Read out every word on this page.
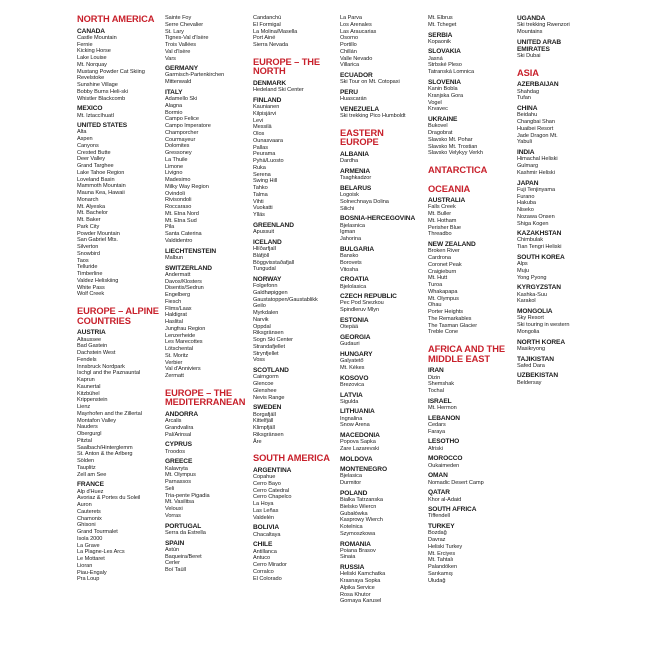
NORTH AMERICA
CANADA
Castle Mountain
Fernie
Kicking Horse
Lake Louise
Mt. Norquay
Mustang Powder Cat Skiing
Revelstoke
Sunshine Village
Bobby Burns Heli-ski
Whistler Blackcomb
MEXICO
Mt. Iztaccíhuatl
UNITED STATES
Alta
Aspen
Canyons
Crested Butte
Deer Valley
Grand Targhee
Lake Tahoe Region
Loveland Basin
Mammoth Mountain
Mauna Kea, Hawaii
Monarch
Mt. Alyeska
Mt. Bachelor
Mt. Baker
Park City
Powder Mountain
San Gabriel Mts.
Silverton
Snowbird
Taos
Telluride
Timberline
Valdez Heliskiing
White Pass
Wolf Creek
EUROPE – ALPINE COUNTRIES
AUSTRIA
Altaussee
Bad Gastein
Dachstein West
Fendels
Innsbruck Nordpark
Ischgl and the Paznauntal
Kaprun
Kaunertal
Kitzbühel
Krippenstein
Lienz
Mayrhofen and the Zillertal
Montafon Valley
Nauders
Obergurgl
Pitztal
Saalbach/Hinterglemm
St. Anton & the Arlberg
Sölden
Tauplitz
Zell am See
FRANCE
Alp d'Huez
Avoriaz & Portes du Soleil
Auron
Cauterets
Chamonix
Ghisoni
Grand Tourmalet
Isola 2000
La Grave
La Plagne-Les Arcs
Le Mottaret
Lioran
Piau-Engaly
Pra Loup
Sainte Foy
Serre Chevalier
St. Lary
Tignes-Val d'Isère
Trois Vallées
Val d'Isère
Vars
GERMANY
Garmisch-Partenkirchen
Mittenwald
ITALY
Adamello Ski
Alagna
Bormio
Campo Felice
Campo Imperatore
Champorcher
Courmayeur
Dolomites
Gressoney
La Thuile
Limone
Livigno
Madesimo
Milky Way Region
Ovindoli
Rivisondoli
Roccaraso
Mt. Etna Nord
Mt. Etna Sud
Pila
Santa Caterina
Valdidentro
LIECHTENSTEIN
Malbun
SWITZERLAND
Andermatt
Davos/Klosters
Disentis/Sedrun
Engelberg
Fiesch
Flims/Laax
Haldigrat
Haslital
Jungfrau Region
Lenzerheide
Les Marecottes
Lötschental
St. Moritz
Verbier
Val d'Anniviers
Zermatt
EUROPE – THE MEDITERRANEAN
ANDORRA
Arcalis
Grandvalira
Pal/Arinsal
CYPRUS
Troodos
GREECE
Kalavryta
Mt. Olympus
Parnassos
Seli
Tria-pente Pigadia
Mt. Vasilitsa
Velouxi
Vorras
PORTUGAL
Serra da Estrella
SPAIN
Astún
Baqueira/Beret
Cerler
Boí Taüll
Candanchú
El Formigal
La Molina/Masella
Port Ainé
Sierra Nevada
EUROPE – THE NORTH
DENMARK
Hedeland Ski Center
FINLAND
Kaunianen
Kilpisjärvi
Levi
Messilä
Olos
Ounasvaara
Pallas
Peurama
Pyhä/Luosto
Ruka
Serena
Swing Hill
Tahko
Talma
Vihti
Vuokatti
Ylläs
GREENLAND
Apussuit
ICELAND
Hlíðarfjall
Bláfjöll
Böggvisstaðafjall
Tungudal
NORWAY
Folgefonn
Galdhøpiggen
Gaustatoppen/Gaustablikk
Geilo
Myrkdalen
Narvik
Oppdal
Riksgränsen
Sogn Ski Center
Strandafjellet
Strynfjellet
Voss
SCOTLAND
Cairngorm
Glencoe
Glenshee
Nevis Range
SWEDEN
Borgafjäll
Kittelfjäll
Klimpfjäll
Riksgränsen
Åre
SOUTH AMERICA
ARGENTINA
Copahue
Cerro Bayo
Cerro Catedral
Cerro Chapelco
La Hoya
Las Leñas
Valdelén
BOLIVIA
Chacaltaya
CHILE
Antillanca
Antuco
Cerro Mirador
Corralco
El Colorado
La Parva
Los Arenales
Las Araucarias
Osorno
Portillo
Chillán
Valle Nevado
Villarica
ECUADOR
Ski Tour on Mt. Cotopaxi
PERU
Huascarán
VENEZUELA
Ski trekking Pico Humboldt
EASTERN EUROPE
ALBANIA
Dardha
ARMENIA
Tsaghkadzor
BELARUS
Logoisk
Solnechnaya Dolina
Silichi
BOSNIA-HERCEGOVINA
Bjelasnica
Igman
Jahorina
BULGARIA
Bansko
Borovets
Vitosha
CROATIA
Bjelolasica
CZECH REPUBLIC
Pec Pod Snezkou
Spindleruv Mlyn
ESTONIA
Otepää
GEORGIA
Gudauri
HUNGARY
Galyatető
Mt. Kékes
KOSOVO
Brezovica
LATVIA
Sigulda
LITHUANIA
Ingnalina
Snow Arena
MACEDONIA
Popova Sapka
Zare Lazarevski
MOLDOVA
MONTENEGRO
Bjelasica
Durmitor
POLAND
Bialka Tatrzanska
Bielsko Wiercn
Gubałówka
Kasprowy Wierch
Kotelnica
Szymoszkowa
ROMANIA
Poiana Brasov
Sinaia
RUSSIA
Heliski Kamchatka
Krasnaya Sopka
Alpika Service
Rosa Khutor
Gornaya Karusel
Mt. Elbrus
Mt. Tcheget
SERBIA
Kopaonik
SLOVAKIA
Jasná
Strbské Pleso
Tatranská Lomnica
SLOVENIA
Kanin Bobla
Kranjska Gora
Vogel
Krvavec
UKRAINE
Bukovel
Dragobrat
Slavsko Mt. Pohar
Slavsko Mt. Trostian
Slavsko Velykyy Verkh
ANTARCTICA
OCEANIA
AUSTRALIA
Falls Creek
Mt. Buller
Mt. Hotham
Perisher Blue
Threadbo
NEW ZEALAND
Broken River
Cardrona
Coronet Peak
Craigieburn
Mt. Hutt
Turoa
Whakapapa
Mt. Olympus
Ohau
Porter Heights
The Remarkables
The Tasman Glacier
Treble Cone
AFRICA AND THE MIDDLE EAST
IRAN
Dizin
Shemshak
Tochal
ISRAEL
Mt. Hermon
LEBANON
Cedars
Faraya
LESOTHO
Afriski
MOROCCO
Oukaimeden
OMAN
Nomadic Desert Camp
QATAR
Khor al-Adaid
SOUTH AFRICA
Tiffendell
TURKEY
Bozdağ
Davraz
Heliski Turkey
Mt. Erciyes
Mt. Tahtalı
Palandöken
Sarıkamış
Uludağ
UGANDA
Ski trekking Rwenzori
Mountains
UNITED ARAB
EMIRATES
Ski Dubai
ASIA
AZERBAIJAN
Shahdag
Tufan
CHINA
Beidahu
Changbai Shan
Huaibei Resort
Jade Dragon Mt.
Yabuli
INDIA
Himachal Heliski
Gulmarg
Kashmir Heliski
JAPAN
Fuji Tenjinyama
Furano
Hakuba
Niseko
Nozawa Onsen
Shiga Kogen
KAZAKHSTAN
Chimbulak
Tian Tengri Heliski
SOUTH KOREA
Alps
Muju
Yong Pyong
KYRGYZSTAN
Kashka-Suu
Karakol
MONGOLIA
Sky Resort
Ski touring in western
Mongolia
NORTH KOREA
Masikryong
TAJIKISTAN
Safed Dara
UZBEKISTAN
Beldersay
